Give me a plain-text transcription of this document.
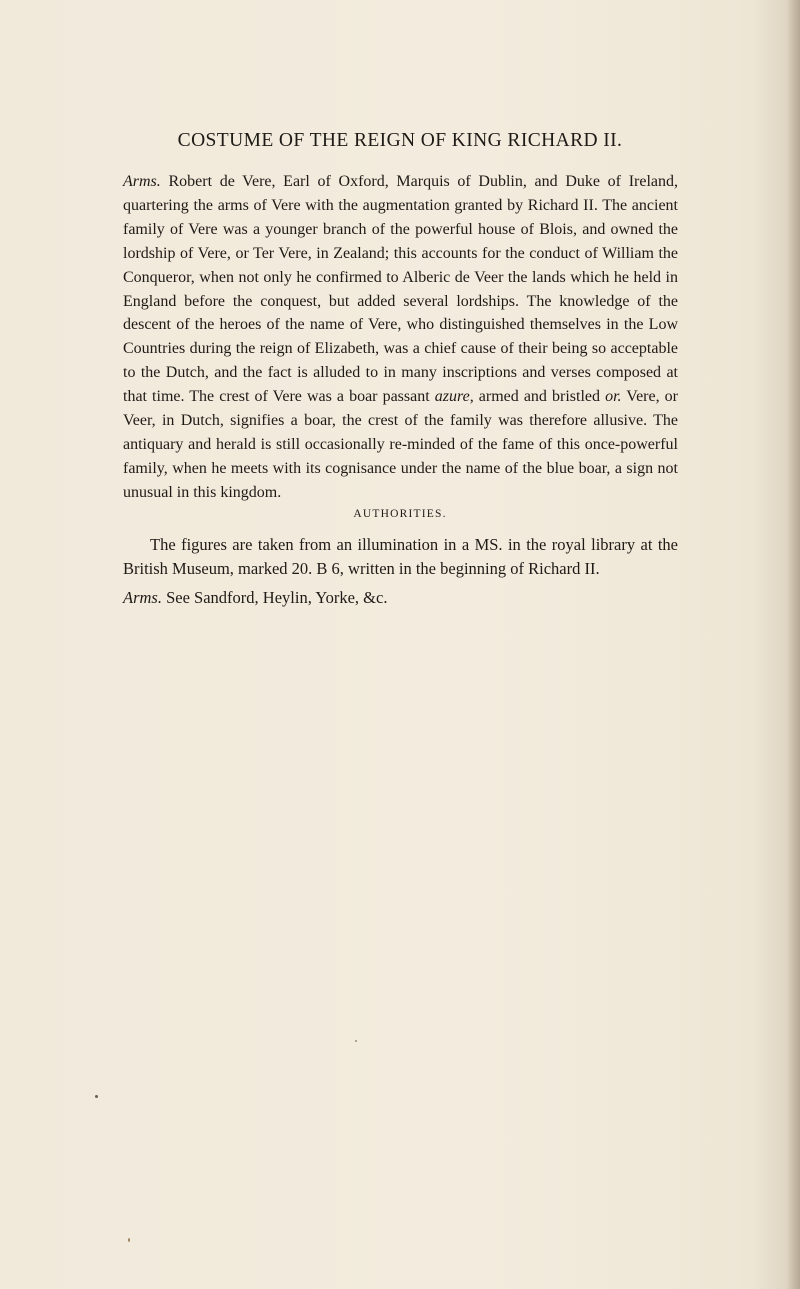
COSTUME OF THE REIGN OF KING RICHARD II.
Arms. Robert de Vere, Earl of Oxford, Marquis of Dublin, and Duke of Ireland, quartering the arms of Vere with the augmentation granted by Richard II. The ancient family of Vere was a younger branch of the powerful house of Blois, and owned the lordship of Vere, or Ter Vere, in Zealand; this accounts for the conduct of William the Conqueror, when not only he confirmed to Alberic de Veer the lands which he held in England before the conquest, but added several lordships. The knowledge of the descent of the heroes of the name of Vere, who distinguished themselves in the Low Countries during the reign of Elizabeth, was a chief cause of their being so acceptable to the Dutch, and the fact is alluded to in many inscriptions and verses composed at that time. The crest of Vere was a boar passant azure, armed and bristled or. Vere, or Veer, in Dutch, signifies a boar, the crest of the family was therefore allusive. The antiquary and herald is still occasionally re-minded of the fame of this once-powerful family, when he meets with its cognisance under the name of the blue boar, a sign not unusual in this kingdom.
AUTHORITIES.
The figures are taken from an illumination in a MS. in the royal library at the British Museum, marked 20. B 6, written in the beginning of Richard II.
Arms. See Sandford, Heylin, Yorke, &c.
